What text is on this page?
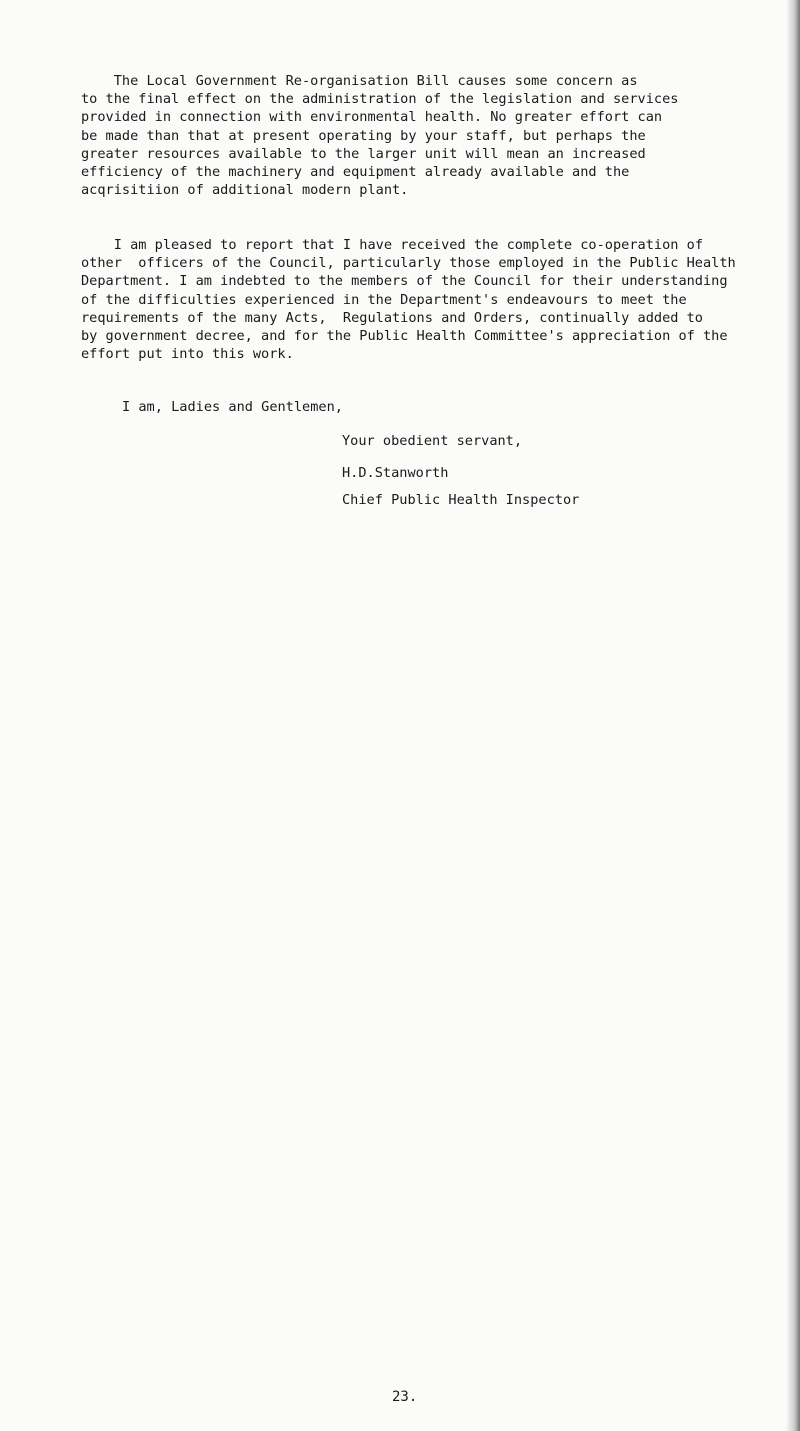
The Local Government Re-organisation Bill causes some concern as
to the final effect on the administration of the legislation and services
provided in connection with environmental health. No greater effort can
be made than that at present operating by your staff, but perhaps the
greater resources available to the larger unit will mean an increased
efficiency of the machinery and equipment already available and the
acqrisitiion of additional modern plant.

I am pleased to report that I have received the complete co-operation of
other  officers of the Council, particularly those employed in the Public Health
Department. I am indebted to the members of the Council for their understanding
of the difficulties experienced in the Department's endeavours to meet the
requirements of the many Acts,  Regulations and Orders, continually added to
by government decree, and for the Public Health Committee's appreciation of the
effort put into this work.

I am, Ladies and Gentlemen,

Your obedient servant,

H.D.Stanworth

Chief Public Health Inspector

23.
